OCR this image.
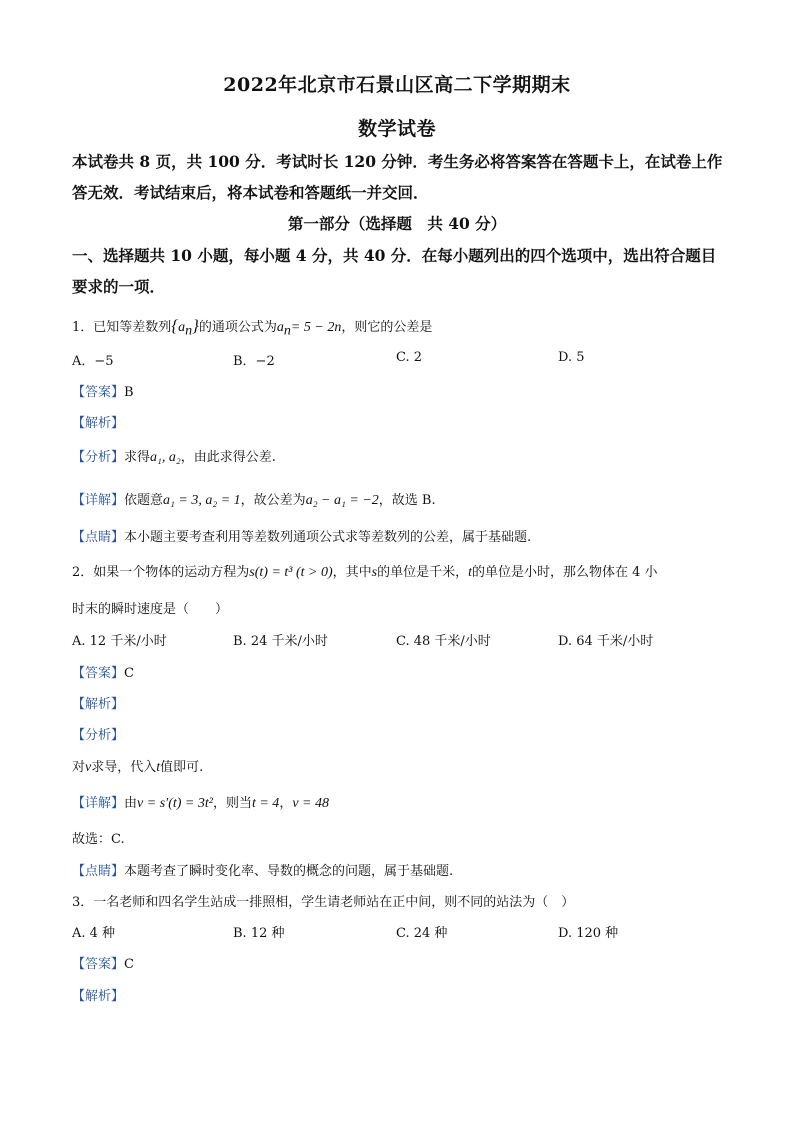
2022年北京市石景山区高二下学期期末
数学试卷
本试卷共 8 页，共 100 分．考试时长 120 分钟．考生务必将答案答在答题卡上，在试卷上作
答无效．考试结束后，将本试卷和答题纸一并交回．
第一部分（选择题　共 40 分）
一、选择题共 10 小题，每小题 4 分，共 40 分．在每小题列出的四个选项中，选出符合题目
要求的一项．
1．已知等差数列$\{a_n\}$的通项公式为$a_n= 5 - 2n$，则它的公差是
A．−5	B．−2	C. 2	D. 5
【答案】B
【解析】
【分析】求得a₁, a₂，由此求得公差.
【详解】依题意a₁ = 3, a₂ = 1，故公差为a₂ − a₁ = −2，故选 B.
【点睛】本小题主要考查利用等差数列通项公式求等差数列的公差，属于基础题.
2．如果一个物体的运动方程为s(t) = t³ (t > 0)，其中s的单位是千米，t的单位是小时，那么物体在 4 小
时末的瞬时速度是（　　）
A. 12 千米/小时	B. 24 千米/小时	C. 48 千米/小时	D. 64 千米/小时
【答案】C
【解析】
【分析】
对v求导，代入t值即可.
【详解】由v = s′(t) = 3t²，则当t = 4，v = 48
故选：C.
【点睛】本题考查了瞬时变化率、导数的概念的问题，属于基础题.
3．一名老师和四名学生站成一排照相，学生请老师站在正中间，则不同的站法为（　）
A. 4 种	B. 12 种	C. 24 种	D. 120 种
【答案】C
【解析】
